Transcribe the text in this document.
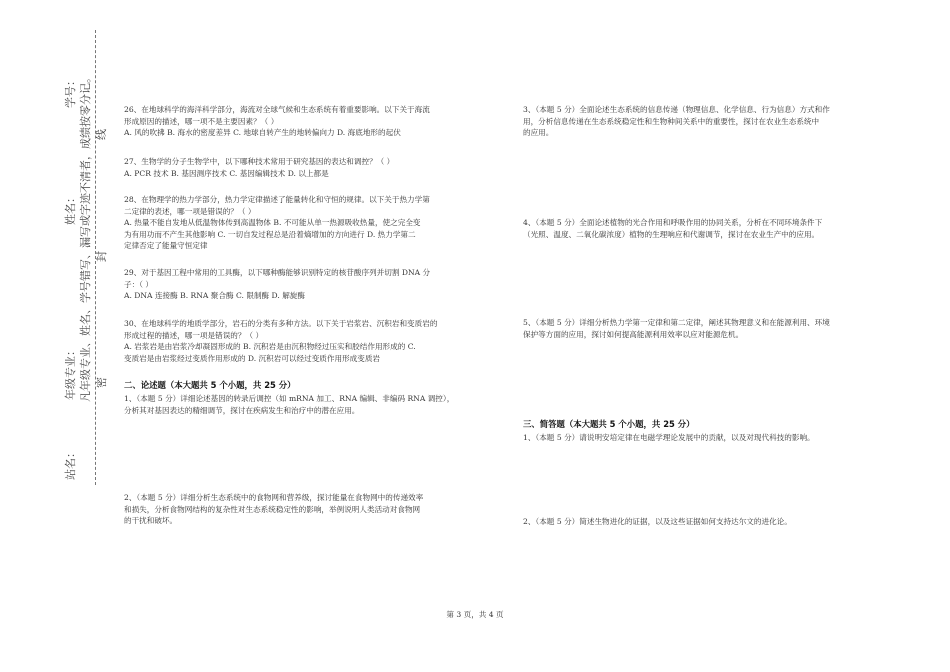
站名：
年级专业：
姓名：
学号： 凡年级专业、姓名、学号错写、漏写或字迹不清者，成绩按零分记。 密
封
线

26、在地球科学的海洋科学部分，海流对全球气候和生态系统有着重要影响。以下关于海流

形成原因的描述，哪一项不是主要因素？（ ）

A. 风的吹拂 B. 海水的密度差异 C. 地球自转产生的地转偏向力 D. 海底地形的起伏

27、生物学的分子生物学中，以下哪种技术常用于研究基因的表达和调控？（ ）

A. PCR 技术 B. 基因测序技术 C. 基因编辑技术 D. 以上都是

28、在物理学的热力学部分，热力学定律描述了能量转化和守恒的规律。以下关于热力学第

二定律的表述，哪一项是错误的？（ ）

A. 热量不能自发地从低温物体传到高温物体 B. 不可能从单一热源吸收热量，使之完全变

为有用功而不产生其他影响 C. 一切自发过程总是沿着熵增加的方向进行 D. 热力学第二

定律否定了能量守恒定律

29、对于基因工程中常用的工具酶，以下哪种酶能够识别特定的核苷酸序列并切割 DNA 分

子：（ ）

A. DNA 连接酶 B. RNA 聚合酶 C. 限制酶 D. 解旋酶

30、在地球科学的地质学部分，岩石的分类有多种方法。以下关于岩浆岩、沉积岩和变质岩的

形成过程的描述，哪一项是错误的？（ ）

A. 岩浆岩是由岩浆冷却凝固形成的 B. 沉积岩是由沉积物经过压实和胶结作用形成的 C.

变质岩是由岩浆经过变质作用形成的 D. 沉积岩可以经过变质作用形成变质岩

二、论述题（本大题共 5 个小题，共 25 分）

1、（本题 5 分）详细论述基因的转录后调控（如 mRNA 加工、RNA 编辑、非编码 RNA 调控），

分析其对基因表达的精细调节，探讨在疾病发生和治疗中的潜在应用。

2、（本题 5 分）详细分析生态系统中的食物网和营养级，探讨能量在食物网中的传递效率

和损失，分析食物网结构的复杂性对生态系统稳定性的影响，举例说明人类活动对食物网

的干扰和破坏。

3、（本题 5 分）全面论述生态系统的信息传递（物理信息、化学信息、行为信息）方式和作

用，分析信息传递在生态系统稳定性和生物种间关系中的重要性，探讨在农业生态系统中

的应用。

4、（本题 5 分）全面论述植物的光合作用和呼吸作用的协同关系，分析在不同环境条件下

（光照、温度、二氧化碳浓度）植物的生理响应和代谢调节，探讨在农业生产中的应用。

5、（本题 5 分）详细分析热力学第一定律和第二定律，阐述其物理意义和在能源利用、环境

保护等方面的应用，探讨如何提高能源利用效率以应对能源危机。

三、简答题（本大题共 5 个小题，共 25 分）

1、（本题 5 分）请说明安培定律在电磁学理论发展中的贡献，以及对现代科技的影响。

2、（本题 5 分）简述生物进化的证据，以及这些证据如何支持达尔文的进化论。

第 3 页，共 4 页
